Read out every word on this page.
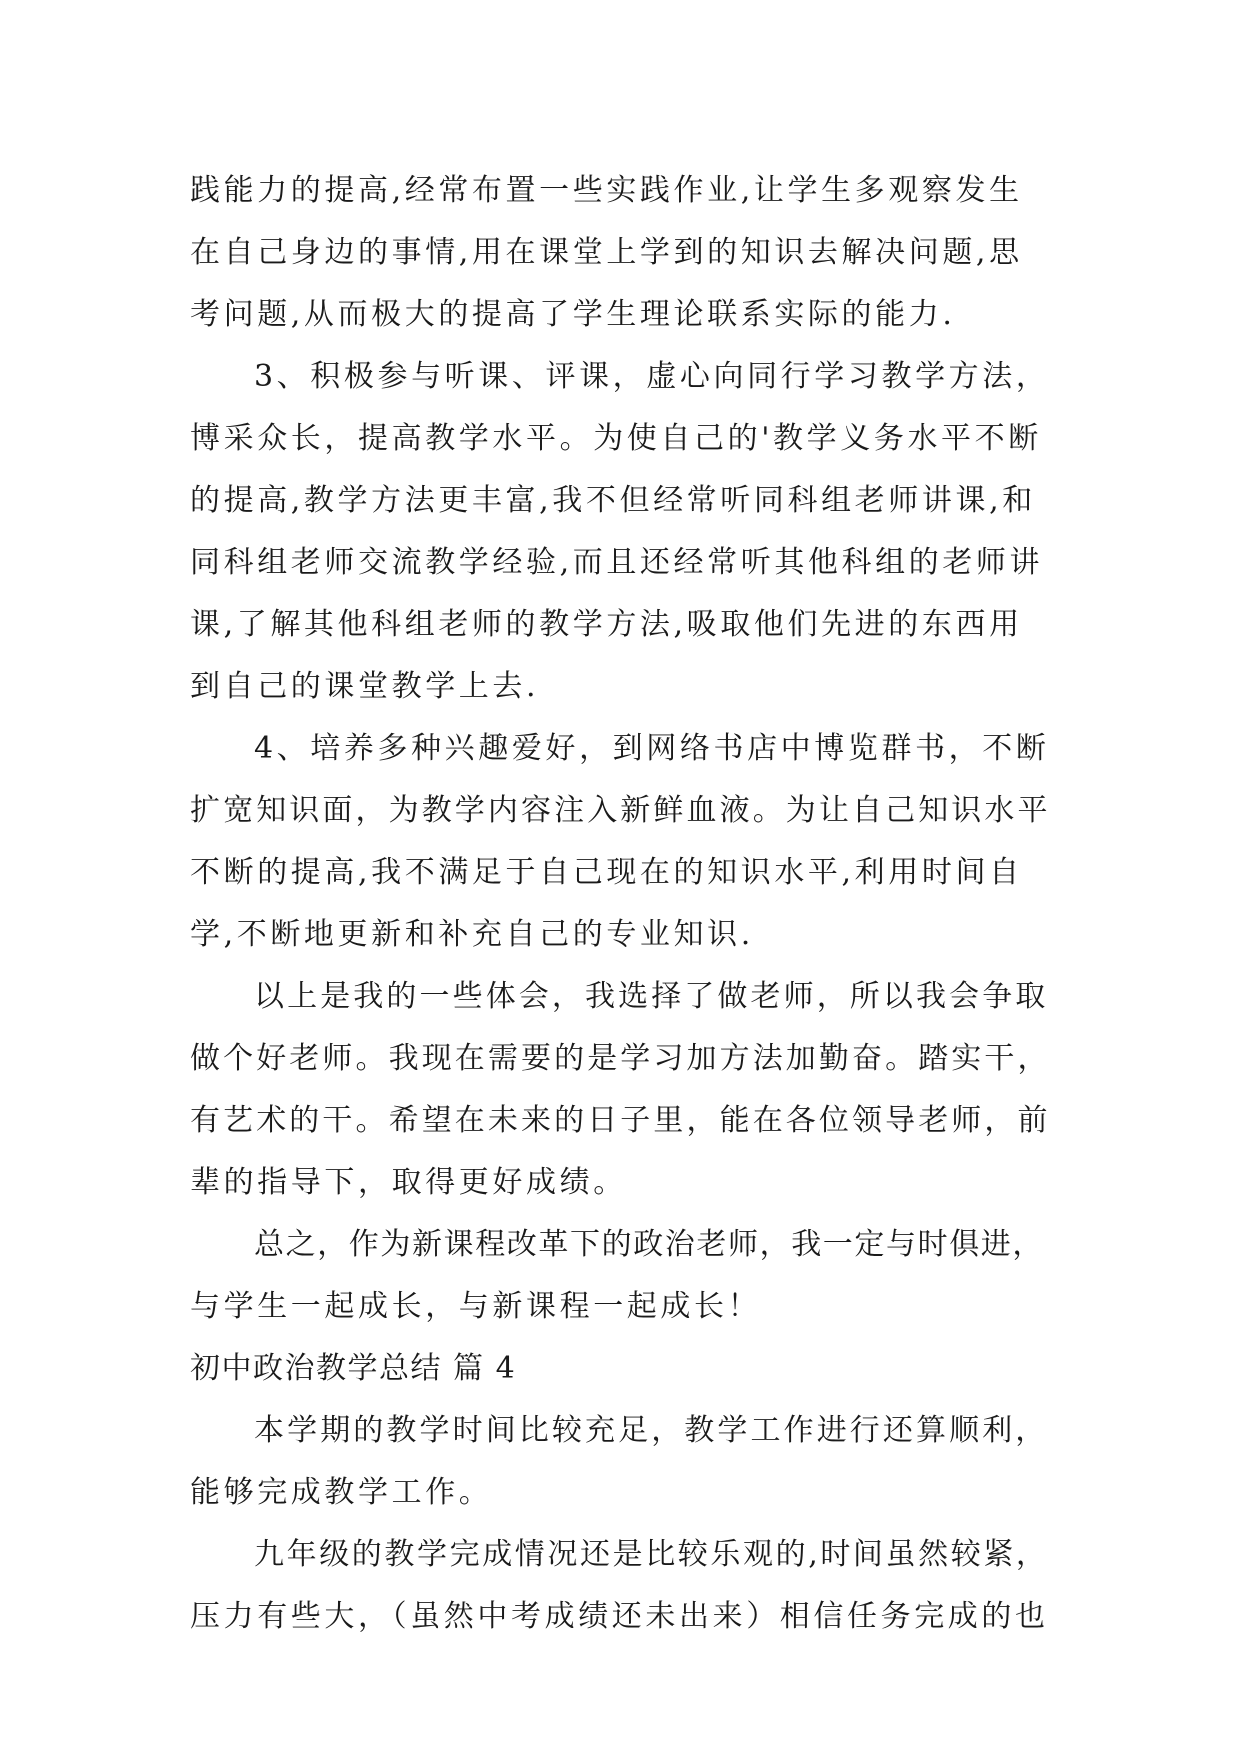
践能力的提高,经常布置一些实践作业,让学生多观察发生
在自己身边的事情,用在课堂上学到的知识去解决问题,思
考问题,从而极大的提高了学生理论联系实际的能力.
3、积极参与听课、评课，虚心向同行学习教学方法，
博采众长，提高教学水平。为使自己的'教学义务水平不断
的提高,教学方法更丰富,我不但经常听同科组老师讲课,和
同科组老师交流教学经验,而且还经常听其他科组的老师讲
课,了解其他科组老师的教学方法,吸取他们先进的东西用
到自己的课堂教学上去.
4、培养多种兴趣爱好，到网络书店中博览群书，不断
扩宽知识面，为教学内容注入新鲜血液。为让自己知识水平
不断的提高,我不满足于自己现在的知识水平,利用时间自
学,不断地更新和补充自己的专业知识.
以上是我的一些体会，我选择了做老师，所以我会争取
做个好老师。我现在需要的是学习加方法加勤奋。踏实干，
有艺术的干。希望在未来的日子里，能在各位领导老师，前
辈的指导下，取得更好成绩。
总之，作为新课程改革下的政治老师，我一定与时俱进，
与学生一起成长，与新课程一起成长！
初中政治教学总结 篇 4
本学期的教学时间比较充足，教学工作进行还算顺利，
能够完成教学工作。
九年级的教学完成情况还是比较乐观的,时间虽然较紧，
压力有些大，（虽然中考成绩还未出来）相信任务完成的也
